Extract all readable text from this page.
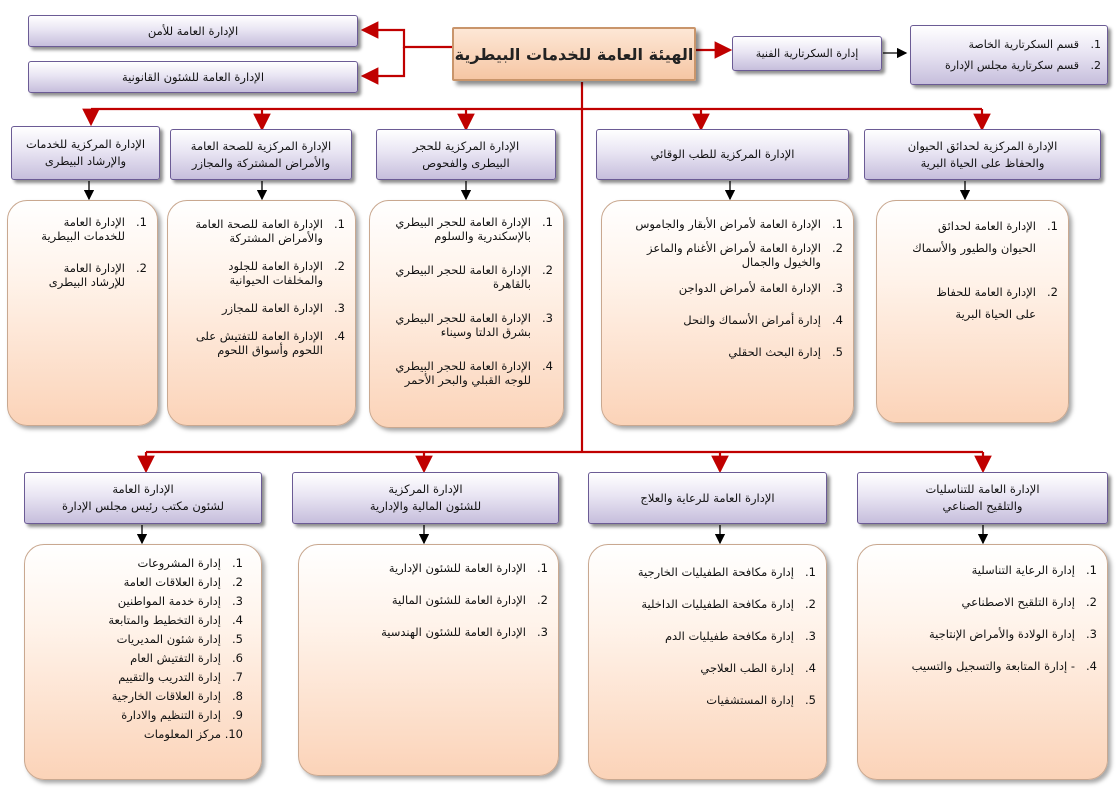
الهيئة العامة للخدمات البيطرية
الإدارة العامة للأمن
الإدارة العامة للشئون القانونية
إدارة السكرتارية الفنية
1.
قسم السكرتارية الخاصة
2.
قسم سكرتارية مجلس الإدارة
الإدارة المركزية لحدائق الحيوان
والحفاظ على الحياة البرية
الإدارة المركزية للطب الوقائي
الإدارة المركزية للحجر
البيطرى والفحوص
الإدارة المركزية للصحة العامة
والأمراض المشتركة والمجازر
الإدارة المركزية للخدمات
والإرشاد البيطرى
1.
الإدارة العامة لحدائق
الحيوان والطيور والأسماك
2.
الإدارة العامة للحفاظ
على الحياة البرية
1.
الإدارة العامة لأمراض الأبقار والجاموس
2.
الإدارة العامة لأمراض الأغنام والماعز
والخيول والجمال
3.
الإدارة العامة لأمراض الدواجن
4.
إدارة أمراض الأسماك والنحل
5.
إدارة البحث الحقلي
1.
الإدارة العامة للحجر البيطري
بالإسكندرية والسلوم
2.
الإدارة العامة للحجر البيطري
بالقاهرة
3.
الإدارة العامة للحجر البيطري
بشرق الدلتا وسيناء
4.
الإدارة العامة للحجر البيطري
للوجه القبلي والبحر الأحمر
1.
الإدارة العامة للصحة العامة
والأمراض المشتركة
2.
الإدارة العامة للجلود
والمخلفات الحيوانية
3.
الإدارة العامة للمجازر
4.
الإدارة العامة للتفتيش على
اللحوم وأسواق اللحوم
1.
الإدارة العامة
للخدمات البيطرية
2.
الإدارة العامة
للإرشاد البيطرى
الإدارة العامة للتناسليات
والتلقيح الصناعي
الإدارة العامة للرعاية والعلاج
الإدارة المركزية
للشئون المالية والإدارية
الإدارة العامة
لشئون مكتب رئيس مجلس الإدارة
1.
إدارة الرعاية التناسلية
2.
إدارة التلقيح الاصطناعي
3.
إدارة الولادة والأمراض الإنتاجية
4.
- إدارة المتابعة والتسجيل والتسيب
1.
إدارة مكافحة الطفيليات الخارجية
2.
إدارة مكافحة الطفيليات الداخلية
3.
إدارة مكافحة طفيليات الدم
4.
إدارة الطب العلاجي
5.
إدارة المستشفيات
1.
الإدارة العامة للشئون الإدارية
2.
الإدارة العامة للشئون المالية
3.
الإدارة العامة للشئون الهندسية
1.
إدارة المشروعات
2.
إدارة العلاقات العامة
3.
إدارة خدمة المواطنين
4.
إدارة التخطيط والمتابعة
5.
إدارة شئون المديريات
6.
إدارة التفتيش العام
7.
إدارة التدريب والتقييم
8.
إدارة العلاقات الخارجية
9.
إدارة التنظيم والادارة
10.
مركز المعلومات
